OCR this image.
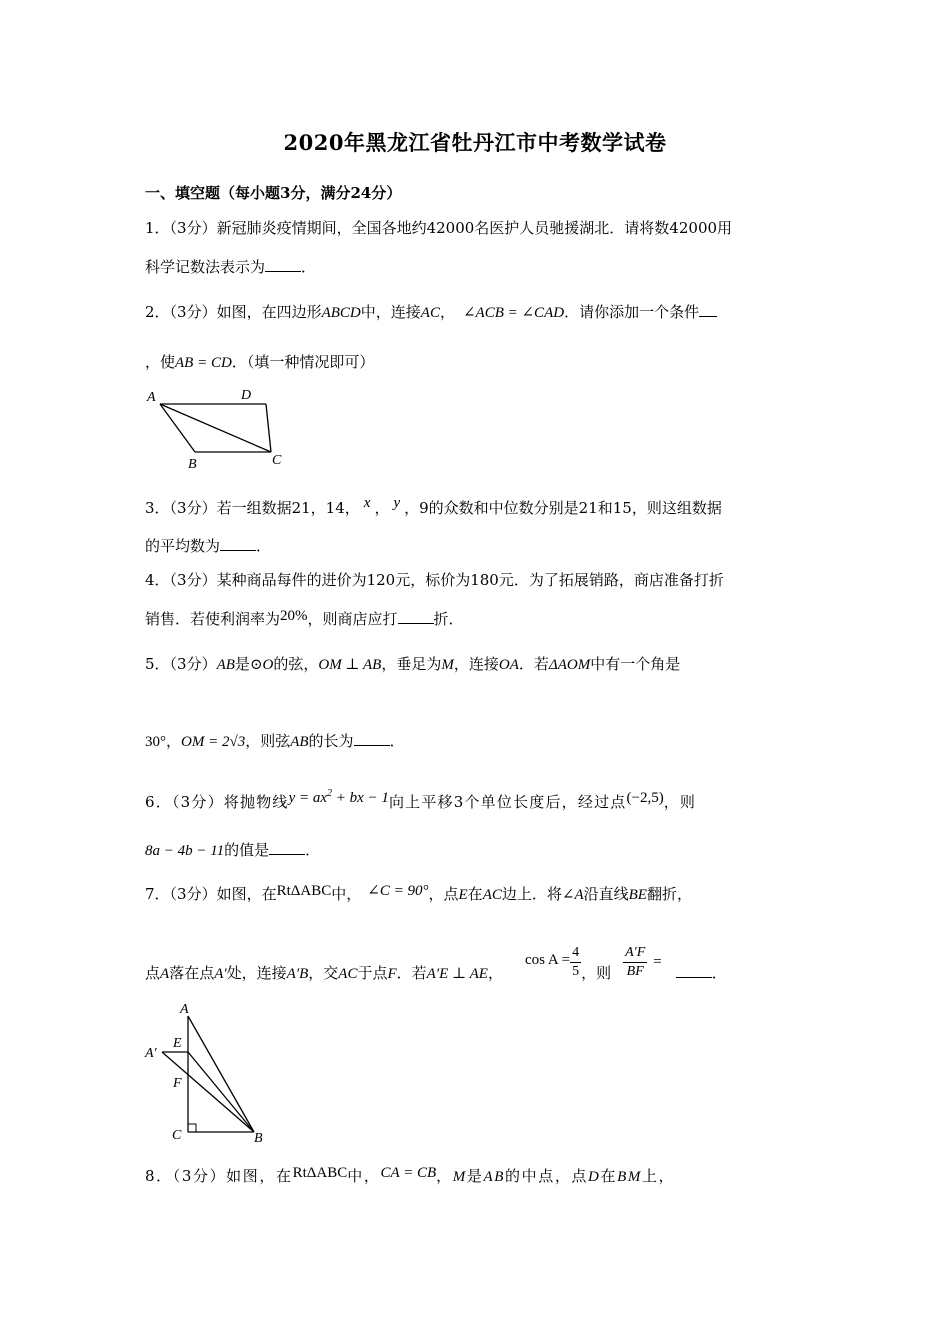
2020年黑龙江省牡丹江市中考数学试卷
一、填空题（每小题3分，满分24分）
1．（3分）新冠肺炎疫情期间，全国各地约42000名医护人员驰援湖北．请将数42000用
科学记数法表示为 ．
2．（3分）如图，在四边形ABCD中，连接AC， ∠ACB = ∠CAD．请你添加一个条件
，使AB = CD．（填一种情况即可）
A	D
B	C
3．（3分）若一组数据21，14， x ， y ，9的众数和中位数分别是21和15，则这组数据
的平均数为 ．
4．（3分）某种商品每件的进价为120元，标价为180元．为了拓展销路，商店准备打折
销售．若使利润率为20%，则商店应打 折．
5．（3分）AB是⊙O的弦，OM ⊥ AB，垂足为M，连接OA．若ΔAOM中有一个角是
30°，OM = 2√3，则弦AB的长为 ．
6．（3分）将抛物线$y = ax^2$ + bx − 1向上平移3个单位长度后，经过点(−2,5)，则
8a − 4b − 11的值是 ．
7．（3分）如图，在RtΔABC中， ∠C = 90°，点E在AC边上．将∠A沿直线BE翻折，
点A落在点A′处，连接A′B，交AC于点F．若A′E ⊥ AE，$\cos A = \frac{4}{5}$ ，则 $\frac{A'F}{BF}$ =．
A
A′
E
F
C	B
8．（3分）如图，在RtΔABC中，CA = CB，M是AB的中点，点D在BM上，
